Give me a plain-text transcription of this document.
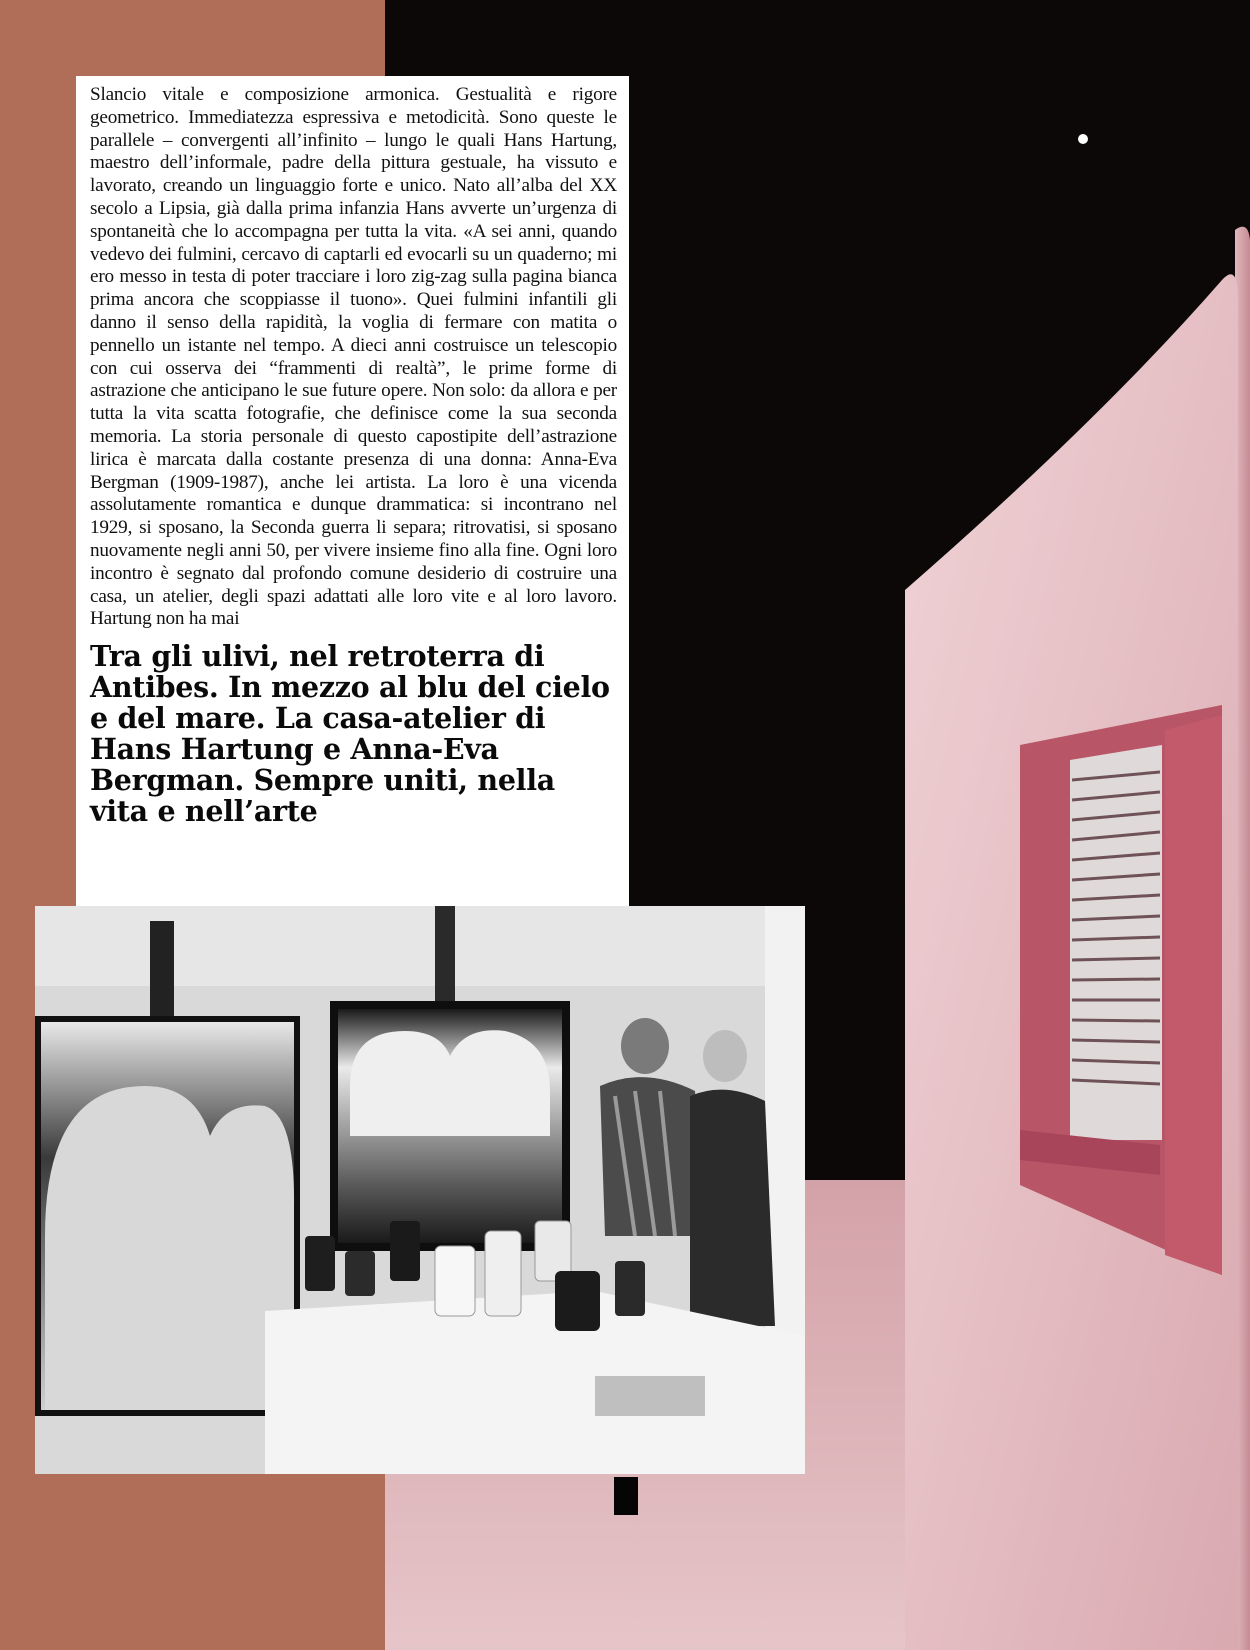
Slancio vitale e composizione armonica. Gestualità e rigore geometrico. Immediatezza espressiva e metodicità. Sono queste le parallele – convergenti all’infinito – lungo le quali Hans Hartung, maestro dell’informale, padre della pittura gestuale, ha vissuto e lavorato, creando un linguaggio forte e unico. Nato all’alba del XX secolo a Lipsia, già dalla prima infanzia Hans avverte un’urgenza di spontaneità che lo accompagna per tutta la vita. «A sei anni, quando vedevo dei fulmini, cercavo di captarli ed evocarli su un quaderno; mi ero messo in testa di poter tracciare i loro zig-zag sulla pagina bianca prima ancora che scoppiasse il tuono». Quei fulmini infantili gli danno il senso della rapidità, la voglia di fermare con matita o pennello un istante nel tempo. A dieci anni costruisce un telescopio con cui osserva dei “frammenti di realtà”, le prime forme di astrazione che anticipano le sue future opere. Non solo: da allora e per tutta la vita scatta fotografie, che definisce come la sua seconda memoria. La storia personale di questo capostipite dell’astrazione lirica è marcata dalla costante presenza di una donna: Anna-Eva Bergman (1909-1987), anche lei artista. La loro è una vicenda assolutamente romantica e dunque drammatica: si incontrano nel 1929, si sposano, la Seconda guerra li separa; ritrovatisi, si sposano nuovamente negli anni 50, per vivere insieme fino alla fine. Ogni loro incontro è segnato dal profondo comune desiderio di costruire una casa, un atelier, degli spazi adattati alle loro vite e al loro lavoro. Hartung non ha mai

Tra gli ulivi, nel retroterra di Antibes. In mezzo al blu del cielo e del mare. La casa-atelier di Hans Hartung e Anna-Eva Bergman. Sempre uniti, nella vita e nell’arte
